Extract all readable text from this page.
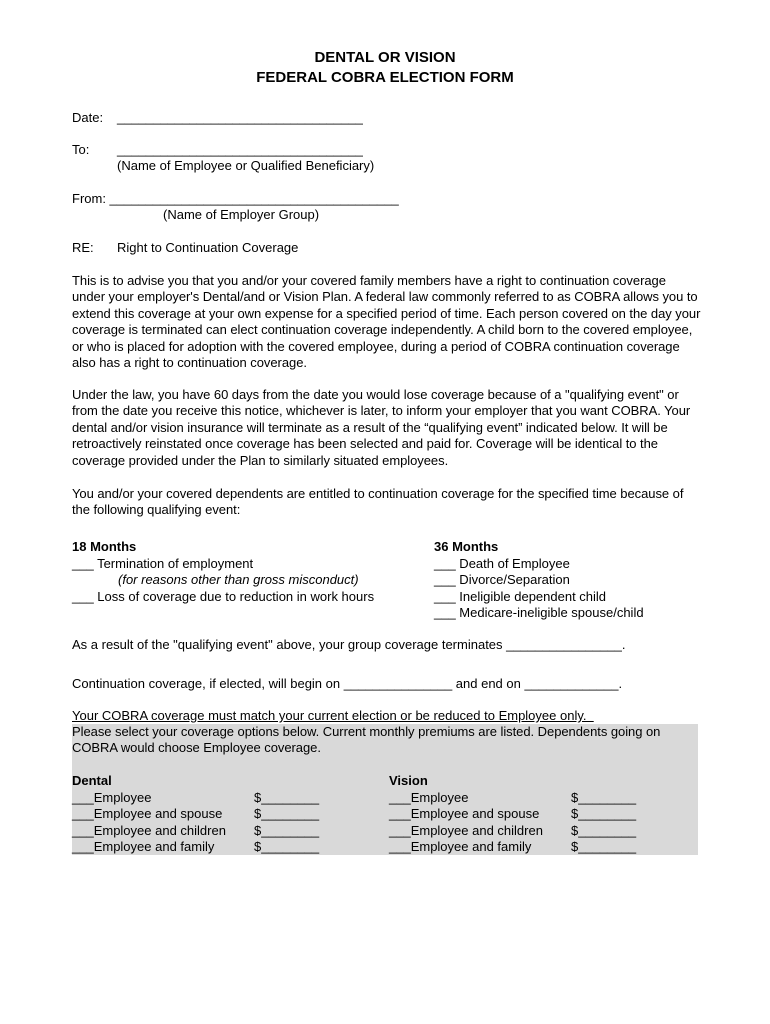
DENTAL OR VISION
FEDERAL COBRA ELECTION FORM
Date: __________________________________
To: __________________________________
(Name of Employee or Qualified Beneficiary)
From: ________________________________________
(Name of Employer Group)
RE: Right to Continuation Coverage
This is to advise you that you and/or your covered family members have a right to continuation coverage under your employer's Dental/and or Vision Plan. A federal law commonly referred to as COBRA allows you to extend this coverage at your own expense for a specified period of time. Each person covered on the day your coverage is terminated can elect continuation coverage independently. A child born to the covered employee, or who is placed for adoption with the covered employee, during a period of COBRA continuation coverage also has a right to continuation coverage.
Under the law, you have 60 days from the date you would lose coverage because of a "qualifying event" or from the date you receive this notice, whichever is later, to inform your employer that you want COBRA. Your dental and/or vision insurance will terminate as a result of the “qualifying event” indicated below. It will be retroactively reinstated once coverage has been selected and paid for. Coverage will be identical to the coverage provided under the Plan to similarly situated employees.
You and/or your covered dependents are entitled to continuation coverage for the specified time because of the following qualifying event:
18 Months
___ Termination of employment
(for reasons other than gross misconduct)
___ Loss of coverage due to reduction in work hours
36 Months
___ Death of Employee
___ Divorce/Separation
___ Ineligible dependent child
___ Medicare-ineligible spouse/child
As a result of the "qualifying event" above, your group coverage terminates ________________.
Continuation coverage, if elected, will begin on _______________ and end on _____________.
Your COBRA coverage must match your current election or be reduced to Employee only.
Please select your coverage options below. Current monthly premiums are listed. Dependents going on COBRA would choose Employee coverage.
Dental
___Employee
___Employee and spouse
___Employee and children
___Employee and family
$________
$________
$________
$________
Vision
___Employee
___Employee and spouse
___Employee and children
___Employee and family
$________
$________
$________
$________
